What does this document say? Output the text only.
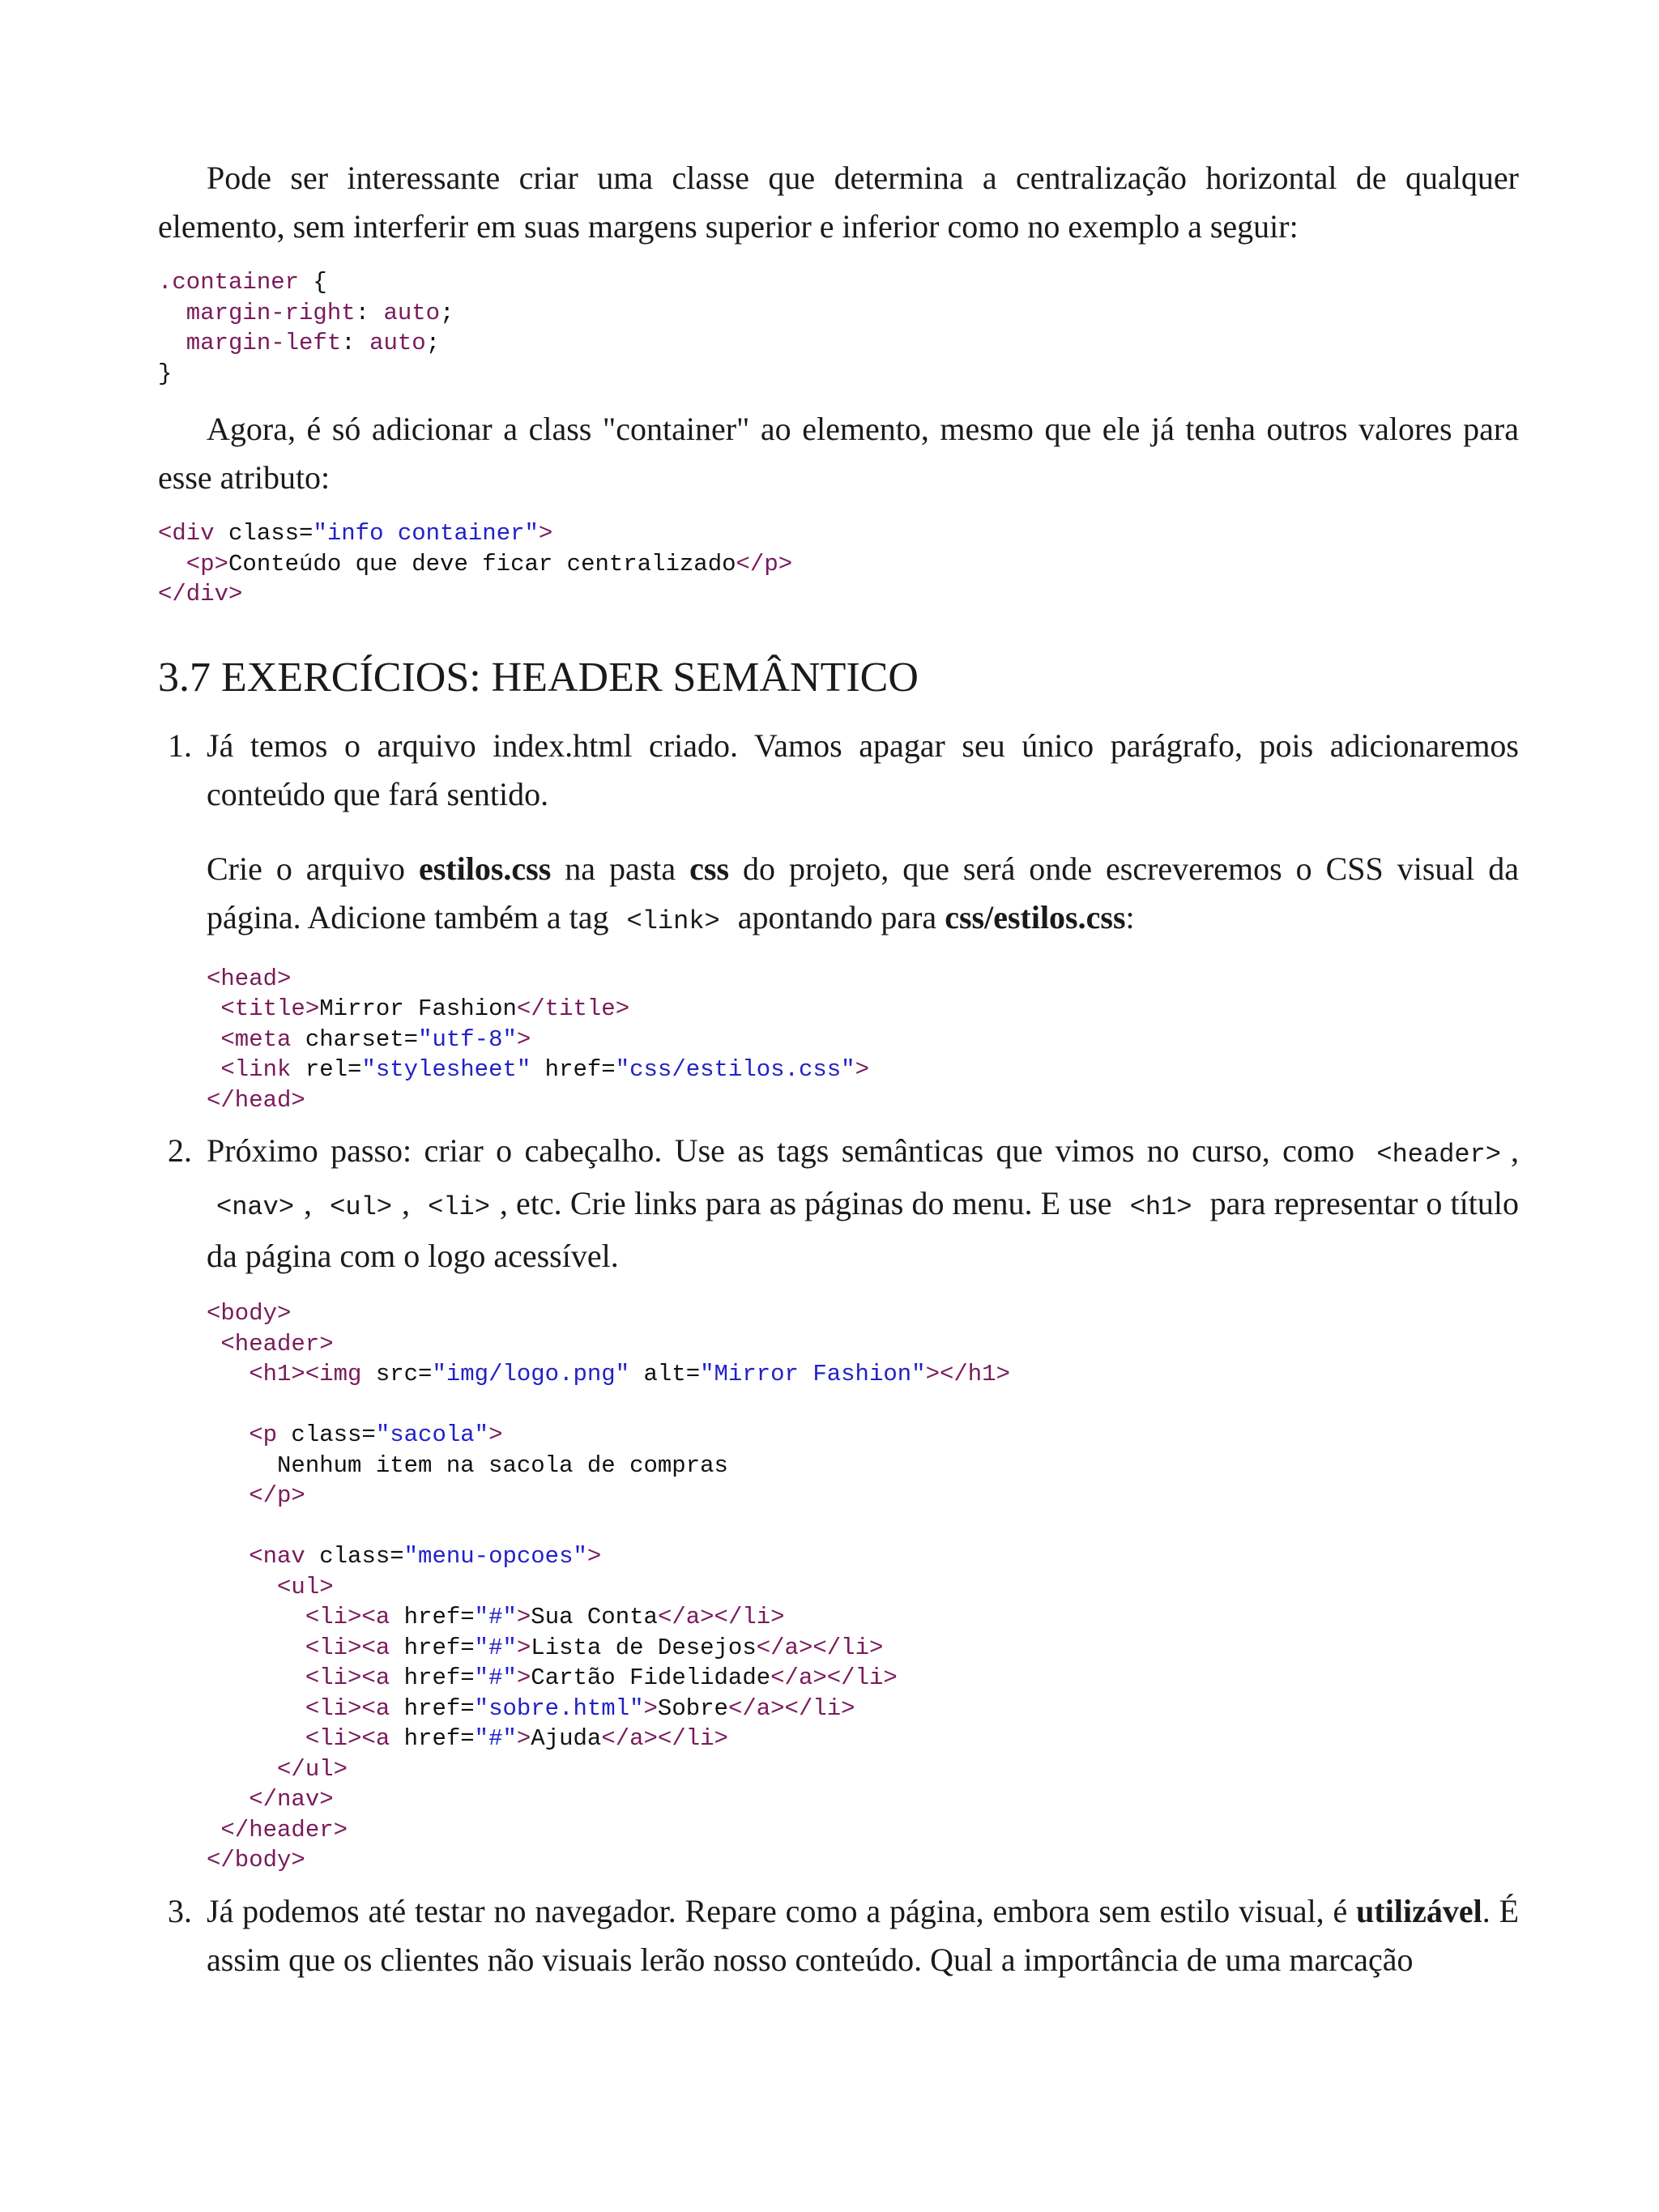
Pode ser interessante criar uma classe que determina a centralização horizontal de qualquer elemento, sem interferir em suas margens superior e inferior como no exemplo a seguir:

.container {
margin-right: auto;
margin-left: auto;
}

Agora, é só adicionar a class "container" ao elemento, mesmo que ele já tenha outros valores para esse atributo:

<div class="info container">
<p>Conteúdo que deve ficar centralizado</p>
</div>
3.7 EXERCÍCIOS: HEADER SEMÂNTICO
1. Já temos o arquivo index.html criado. Vamos apagar seu único parágrafo, pois adicionaremos conteúdo que fará sentido.

Crie o arquivo estilos.css na pasta css do projeto, que será onde escreveremos o CSS visual da página. Adicione também a tag <link> apontando para css/estilos.css:

<head>
<title>Mirror Fashion</title>
<meta charset="utf-8">
<link rel="stylesheet" href="css/estilos.css">
</head>
2. Próximo passo: criar o cabeçalho. Use as tags semânticas que vimos no curso, como <header> , <nav> , <ul> , <li> , etc. Crie links para as páginas do menu. E use <h1> para representar o título da página com o logo acessível.

<body>
<header>
<h1><img src="img/logo.png" alt="Mirror Fashion"></h1>

<p class="sacola">
Nenhum item na sacola de compras
</p>

<nav class="menu-opcoes">
<ul>
<li><a href="#">Sua Conta</a></li>
<li><a href="#">Lista de Desejos</a></li>
<li><a href="#">Cartão Fidelidade</a></li>
<li><a href="sobre.html">Sobre</a></li>
<li><a href="#">Ajuda</a></li>
</ul>
</nav>
</header>
</body>
3. Já podemos até testar no navegador. Repare como a página, embora sem estilo visual, é utilizável. É assim que os clientes não visuais lerão nosso conteúdo. Qual a importância de uma marcação
